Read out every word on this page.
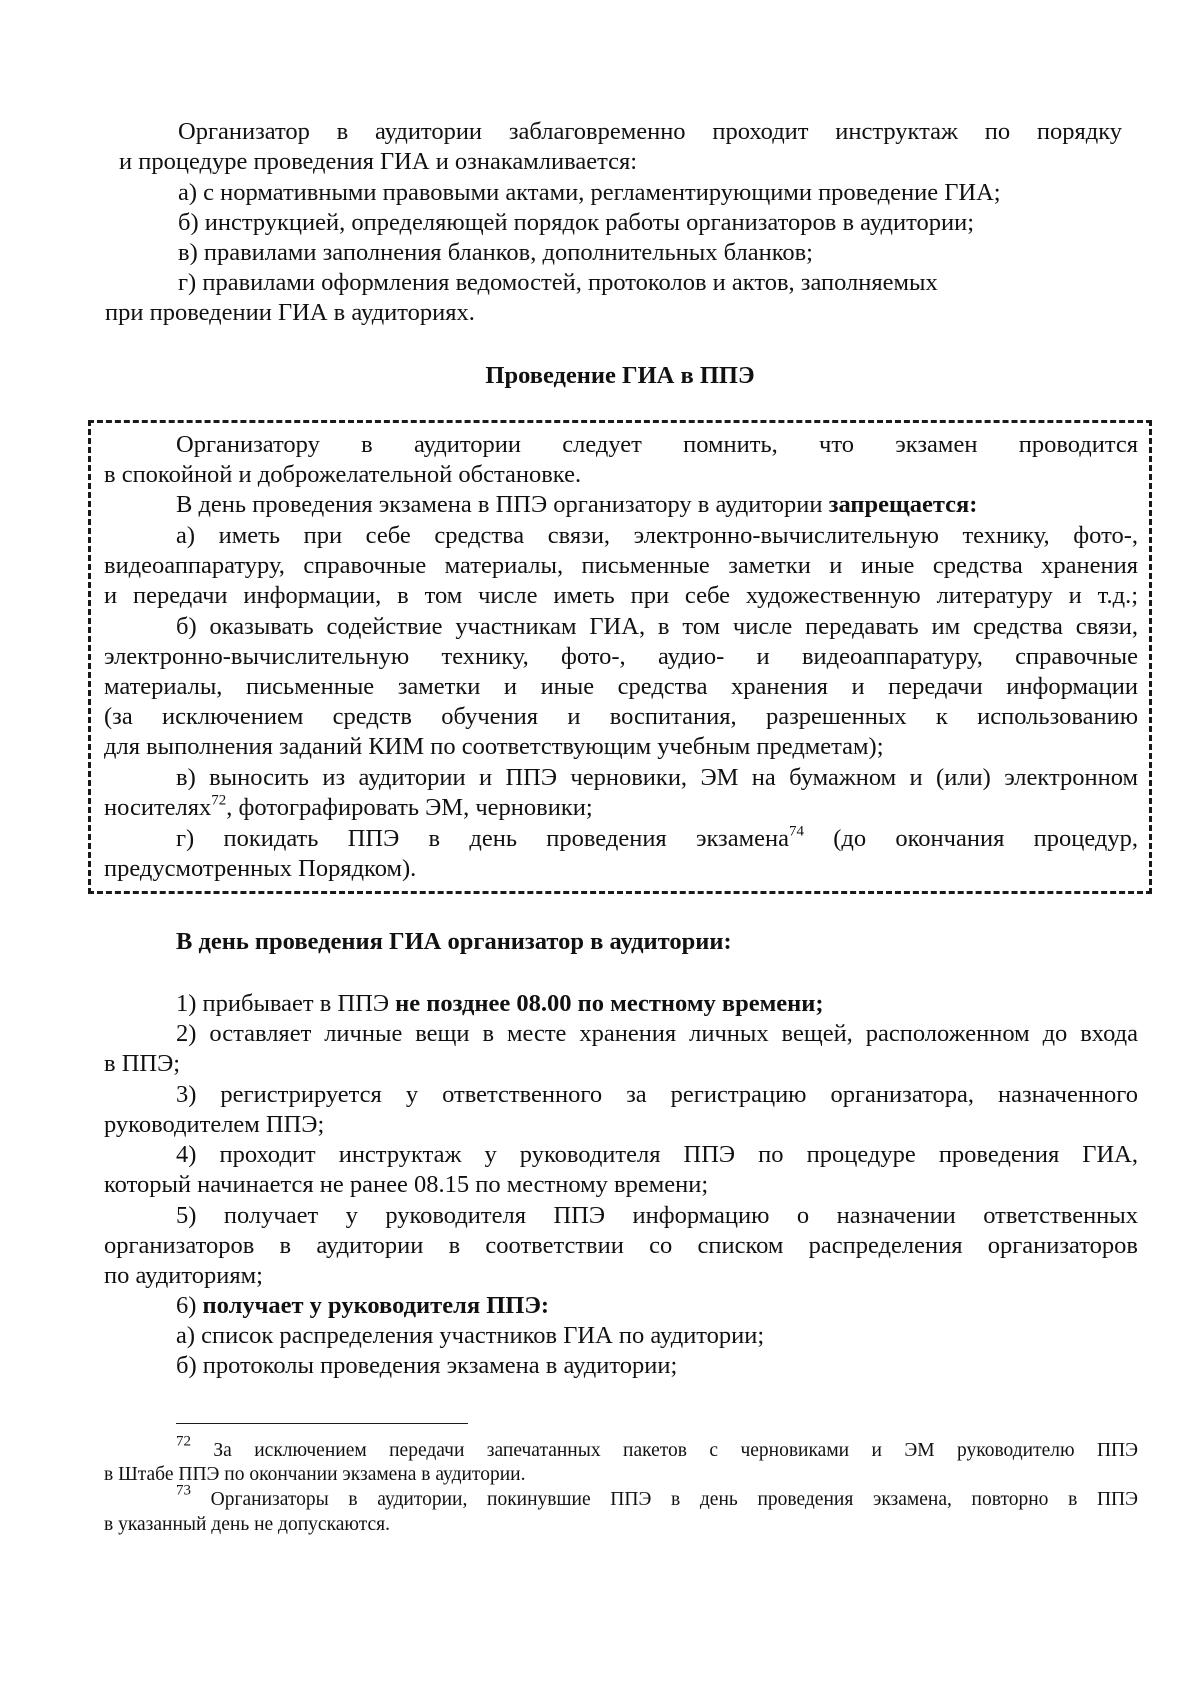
Организатор в аудитории заблаговременно проходит инструктаж по порядку
и процедуре проведения ГИА и ознакамливается:
а) с нормативными правовыми актами, регламентирующими проведение ГИА;
б) инструкцией, определяющей порядок работы организаторов в аудитории;
в) правилами заполнения бланков, дополнительных бланков;
г) правилами оформления ведомостей, протоколов и актов, заполняемых
при проведении ГИА в аудиториях.
Проведение ГИА в ППЭ
Организатору в аудитории следует помнить, что экзамен проводится
в спокойной и доброжелательной обстановке.
В день проведения экзамена в ППЭ организатору в аудитории запрещается:
а) иметь при себе средства связи, электронно-вычислительную технику, фото-,
видеоаппаратуру, справочные материалы, письменные заметки и иные средства хранения
и передачи информации, в том числе иметь при себе художественную литературу и т.д.;
б) оказывать содействие участникам ГИА, в том числе передавать им средства связи,
электронно-вычислительную технику, фото-, аудио- и видеоаппаратуру, справочные
материалы, письменные заметки и иные средства хранения и передачи информации
(за исключением средств обучения и воспитания, разрешенных к использованию
для выполнения заданий КИМ по соответствующим учебным предметам);
в) выносить из аудитории и ППЭ черновики, ЭМ на бумажном и (или) электронном
носителях$^{72}$, фотографировать ЭМ, черновики;
г) покидать ППЭ в день проведения экзамена$^{74}$ (до окончания процедур,
предусмотренных Порядком).
В день проведения ГИА организатор в аудитории:
1) прибывает в ППЭ не позднее 08.00 по местному времени;
2) оставляет личные вещи в месте хранения личных вещей, расположенном до входа
в ППЭ;
3) регистрируется у ответственного за регистрацию организатора, назначенного
руководителем ППЭ;
4) проходит инструктаж у руководителя ППЭ по процедуре проведения ГИА,
который начинается не ранее 08.15 по местному времени;
5) получает у руководителя ППЭ информацию о назначении ответственных
организаторов в аудитории в соответствии со списком распределения организаторов
по аудиториям;
6) получает у руководителя ППЭ:
а) список распределения участников ГИА по аудитории;
б) протоколы проведения экзамена в аудитории;
$^{72}$ За исключением передачи запечатанных пакетов с черновиками и ЭМ руководителю ППЭ
в Штабе ППЭ по окончании экзамена в аудитории.
$^{73}$ Организаторы в аудитории, покинувшие ППЭ в день проведения экзамена, повторно в ППЭ
в указанный день не допускаются.
